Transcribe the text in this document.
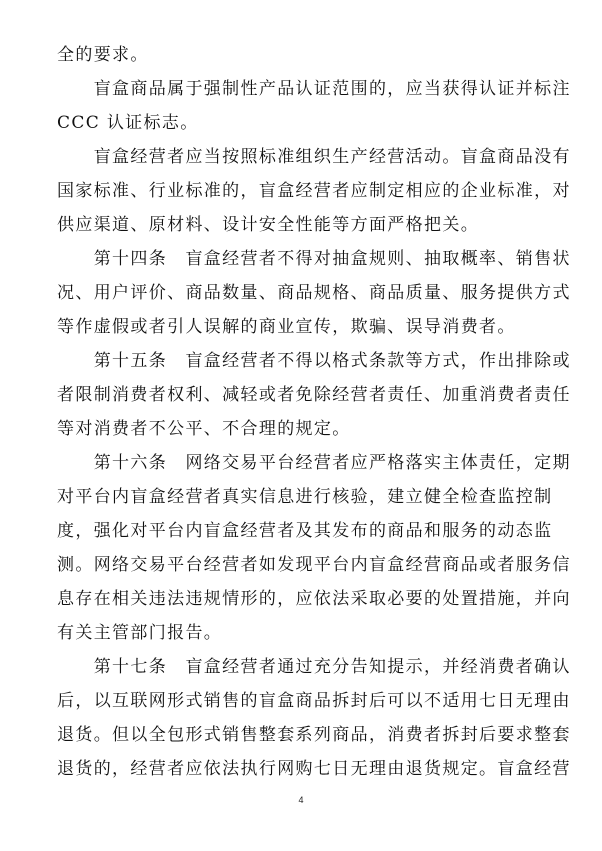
全的要求。
　　盲盒商品属于强制性产品认证范围的，应当获得认证并标注
CCC 认证标志。
　　盲盒经营者应当按照标准组织生产经营活动。盲盒商品没有
国家标准、行业标准的，盲盒经营者应制定相应的企业标准，对
供应渠道、原材料、设计安全性能等方面严格把关。
　　第十四条　盲盒经营者不得对抽盒规则、抽取概率、销售状
况、用户评价、商品数量、商品规格、商品质量、服务提供方式
等作虚假或者引人误解的商业宣传，欺骗、误导消费者。
　　第十五条　盲盒经营者不得以格式条款等方式，作出排除或
者限制消费者权利、减轻或者免除经营者责任、加重消费者责任
等对消费者不公平、不合理的规定。
　　第十六条　网络交易平台经营者应严格落实主体责任，定期
对平台内盲盒经营者真实信息进行核验，建立健全检查监控制
度，强化对平台内盲盒经营者及其发布的商品和服务的动态监
测。网络交易平台经营者如发现平台内盲盒经营商品或者服务信
息存在相关违法违规情形的，应依法采取必要的处置措施，并向
有关主管部门报告。
　　第十七条　盲盒经营者通过充分告知提示，并经消费者确认
后，以互联网形式销售的盲盒商品拆封后可以不适用七日无理由
退货。但以全包形式销售整套系列商品，消费者拆封后要求整套
退货的，经营者应依法执行网购七日无理由退货规定。盲盒经营
4
